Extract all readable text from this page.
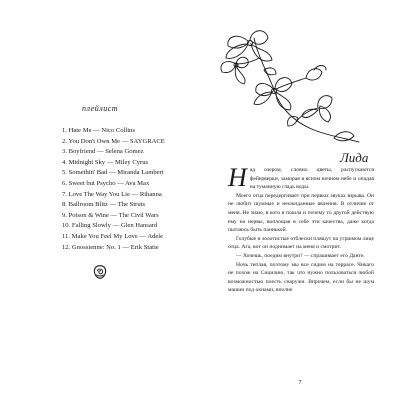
плейлист
1. Hate Me — Nico Collins
2. You Don't Own Me — SAYGRACE
3. Boyfriend — Selena Gomez
4. Midnight Sky — Miley Cyrus
5. Somethin' Bad — Miranda Lambert
6. Sweet but Psycho — Ava Max
7. Love The Way You Lie — Rihanna
8. Ballroom Blitz — The Struts
9. Poison & Wine — The Civil Wars
10. Falling Slowly — Glen Hansard
11. Make You Feel My Love — Adele
12. Gnossienne: No. 1 — Erik Statie
Лида

Над озером, словно цветы, распускаются фейерверки, замирая в ясном ночном небе и опадая на туманную гладь воды.

Моего отца передергивает при первых звуках взрыва. Он не любит шумные и неожиданные явления. В отличие от меня. Не знаю, в кого я пошла и почему то другой действую ему на нервы, воплощая в себе эти качества, даже когда пытаюсь быть паинькой.

Голубые и золотистые отблески пляшут на угрюмом лице отца. Ага, вот он поднимает на меня и смотрит.

— Хочешь, поедим внутри? — спрашивает его Данте.

Ночь теплая, поэтому мы все сидим на террасе. Чикаго не похож на Сицилию, так что нужно пользоваться любой возможностью поесть снаружи. Впрочем, если бы не шум машин под окнами, вполне

7
